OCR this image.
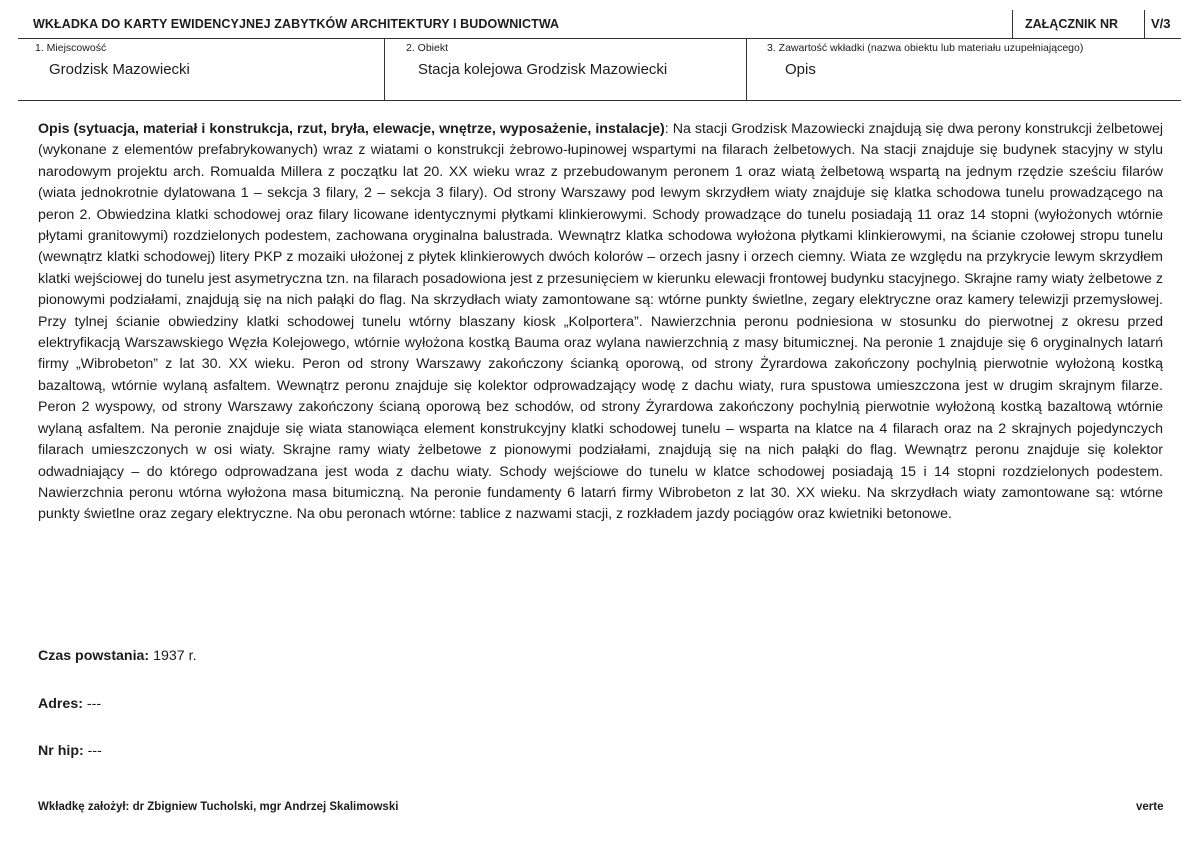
WKŁADKA DO KARTY EWIDENCYJNEJ ZABYTKÓW ARCHITEKTURY I BUDOWNICTWA	ZAŁĄCZNIK NR	V/3
1. Miejscowość
Grodzisk Mazowiecki
2. Obiekt
Stacja kolejowa Grodzisk Mazowiecki
3. Zawartość wkładki (nazwa obiektu lub materiału uzupełniającego)
Opis
Opis (sytuacja, materiał i konstrukcja, rzut, bryła, elewacje, wnętrze, wyposażenie, instalacje): Na stacji Grodzisk Mazowiecki znajdują się dwa perony konstrukcji żelbetowej (wykonane z elementów prefabrykowanych) wraz z wiatami o konstrukcji żebrowo-łupinowej wspartymi na filarach żelbetowych. Na stacji znajduje się budynek stacyjny w stylu narodowym projektu arch. Romualda Millera z początku lat 20. XX wieku wraz z przebudowanym peronem 1 oraz wiatą żelbetową wspartą na jednym rzędzie sześciu filarów (wiata jednokrotnie dylatowana 1 – sekcja 3 filary, 2 – sekcja 3 filary). Od strony Warszawy pod lewym skrzydłem wiaty znajduje się klatka schodowa tunelu prowadzącego na peron 2. Obwiedzina klatki schodowej oraz filary licowane identycznymi płytkami klinkierowymi. Schody prowadzące do tunelu posiadają 11 oraz 14 stopni (wyłożonych wtórnie płytami granitowymi) rozdzielonych podestem, zachowana oryginalna balustrada. Wewnątrz klatka schodowa wyłożona płytkami klinkierowymi, na ścianie czołowej stropu tunelu (wewnątrz klatki schodowej) litery PKP z mozaiki ułożonej z płytek klinkierowych dwóch kolorów – orzech jasny i orzech ciemny. Wiata ze względu na przykrycie lewym skrzydłem klatki wejściowej do tunelu jest asymetryczna tzn. na filarach posadowiona jest z przesunięciem w kierunku elewacji frontowej budynku stacyjnego. Skrajne ramy wiaty żelbetowe z pionowymi podziałami, znajdują się na nich pałąki do flag. Na skrzydłach wiaty zamontowane są: wtórne punkty świetlne, zegary elektryczne oraz kamery telewizji przemysłowej. Przy tylnej ścianie obwiedziny klatki schodowej tunelu wtórny blaszany kiosk „Kolportera”. Nawierzchnia peronu podniesiona w stosunku do pierwotnej z okresu przed elektryfikacją Warszawskiego Węzła Kolejowego, wtórnie wyłożona kostką Bauma oraz wylana nawierzchnią z masy bitumicznej. Na peronie 1 znajduje się 6 oryginalnych latarń firmy „Wibrobeton” z lat 30. XX wieku. Peron od strony Warszawy zakończony ścianką oporową, od strony Żyrardowa zakończony pochylnią pierwotnie wyłożoną kostką bazaltową, wtórnie wylaną asfaltem. Wewnątrz peronu znajduje się kolektor odprowadzający wodę z dachu wiaty, rura spustowa umieszczona jest w drugim skrajnym filarze. Peron 2 wyspowy, od strony Warszawy zakończony ścianą oporową bez schodów, od strony Żyrardowa zakończony pochylnią pierwotnie wyłożoną kostką bazaltową wtórnie wylaną asfaltem. Na peronie znajduje się wiata stanowiąca element konstrukcyjny klatki schodowej tunelu – wsparta na klatce na 4 filarach oraz na 2 skrajnych pojedynczych filarach umieszczonych w osi wiaty. Skrajne ramy wiaty żelbetowe z pionowymi podziałami, znajdują się na nich pałąki do flag. Wewnątrz peronu znajduje się kolektor odwadniający – do którego odprowadzana jest woda z dachu wiaty. Schody wejściowe do tunelu w klatce schodowej posiadają 15 i 14 stopni rozdzielonych podestem. Nawierzchnia peronu wtórna wyłożona masa bitumiczną. Na peronie fundamenty 6 latarń firmy Wibrobeton z lat 30. XX wieku. Na skrzydłach wiaty zamontowane są: wtórne punkty świetlne oraz zegary elektryczne. Na obu peronach wtórne: tablice z nazwami stacji, z rozkładem jazdy pociągów oraz kwietniki betonowe.
Czas powstania: 1937 r.
Adres: ---
Nr hip: ---
Wkładkę założył: dr Zbigniew Tucholski, mgr Andrzej Skalimowski	verte
